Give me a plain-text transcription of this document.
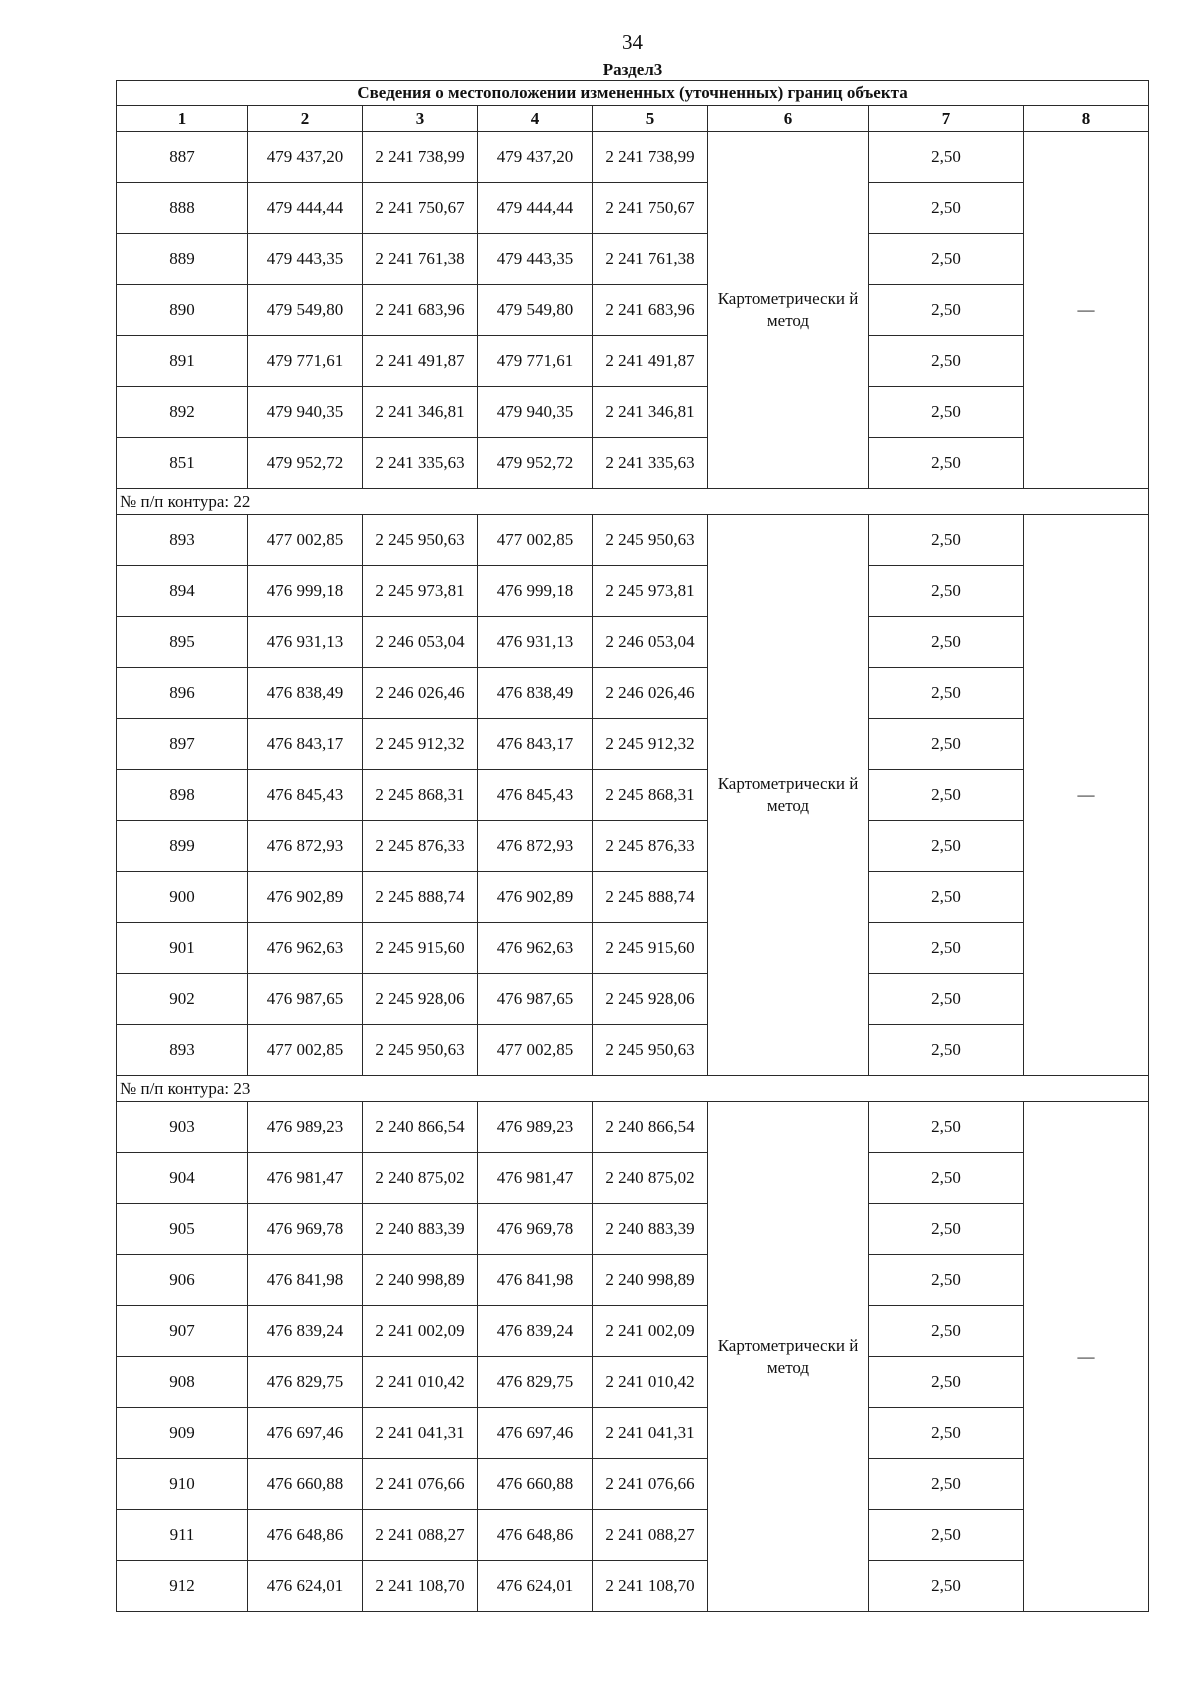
34
Раздел3
Сведения о местоположении измененных (уточненных) границ объекта							
1	2	3	4	5	6	7	8
887	479 437,20	2 241 738,99	479 437,20	2 241 738,99	Картометрически й метод	2,50	—
888	479 444,44	2 241 750,67	479 444,44	2 241 750,67		2,50	
889	479 443,35	2 241 761,38	479 443,35	2 241 761,38		2,50	
890	479 549,80	2 241 683,96	479 549,80	2 241 683,96		2,50	
891	479 771,61	2 241 491,87	479 771,61	2 241 491,87		2,50	
892	479 940,35	2 241 346,81	479 940,35	2 241 346,81		2,50	
851	479 952,72	2 241 335,63	479 952,72	2 241 335,63		2,50	
№ п/п контура: 22							
893	477 002,85	2 245 950,63	477 002,85	2 245 950,63	Картометрически й метод	2,50	—
894	476 999,18	2 245 973,81	476 999,18	2 245 973,81		2,50	
895	476 931,13	2 246 053,04	476 931,13	2 246 053,04		2,50	
896	476 838,49	2 246 026,46	476 838,49	2 246 026,46		2,50	
897	476 843,17	2 245 912,32	476 843,17	2 245 912,32		2,50	
898	476 845,43	2 245 868,31	476 845,43	2 245 868,31		2,50	
899	476 872,93	2 245 876,33	476 872,93	2 245 876,33		2,50	
900	476 902,89	2 245 888,74	476 902,89	2 245 888,74		2,50	
901	476 962,63	2 245 915,60	476 962,63	2 245 915,60		2,50	
902	476 987,65	2 245 928,06	476 987,65	2 245 928,06		2,50	
893	477 002,85	2 245 950,63	477 002,85	2 245 950,63		2,50	
№ п/п контура: 23							
903	476 989,23	2 240 866,54	476 989,23	2 240 866,54	Картометрически й метод	2,50	—
904	476 981,47	2 240 875,02	476 981,47	2 240 875,02		2,50	
905	476 969,78	2 240 883,39	476 969,78	2 240 883,39		2,50	
906	476 841,98	2 240 998,89	476 841,98	2 240 998,89		2,50	
907	476 839,24	2 241 002,09	476 839,24	2 241 002,09		2,50	
908	476 829,75	2 241 010,42	476 829,75	2 241 010,42		2,50	
909	476 697,46	2 241 041,31	476 697,46	2 241 041,31		2,50	
910	476 660,88	2 241 076,66	476 660,88	2 241 076,66		2,50	
911	476 648,86	2 241 088,27	476 648,86	2 241 088,27		2,50	
912	476 624,01	2 241 108,70	476 624,01	2 241 108,70		2,50	
